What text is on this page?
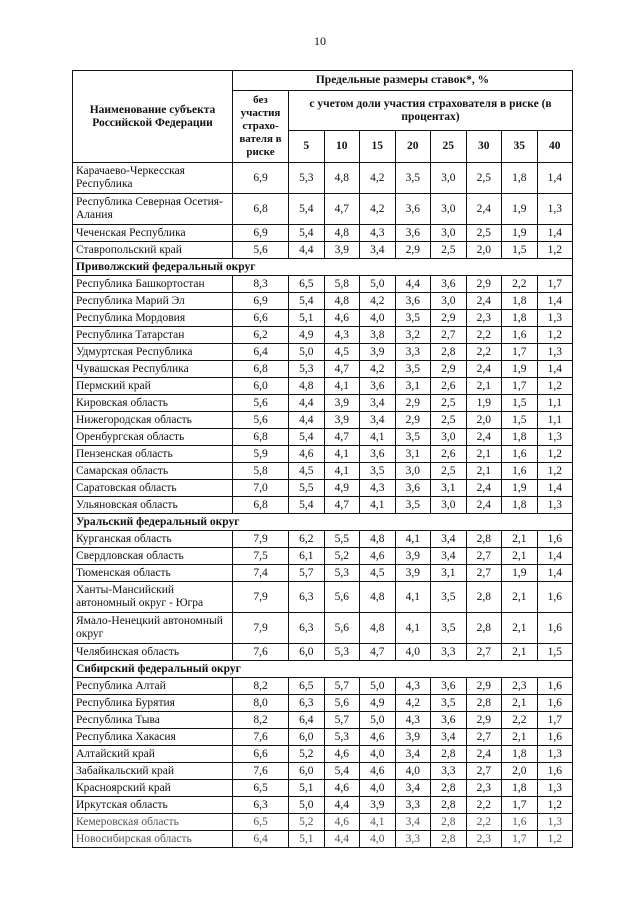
10
Наименование субъекта Российской Федерации	Предельные размеры ставок*, %								
	без участия страхо-вателя в риске	с учетом доли участия страхователя в риске (в процентах)							
		5	10	15	20	25	30	35	40
Карачаево-Черкесская Республика	6,9	5,3	4,8	4,2	3,5	3,0	2,5	1,8	1,4
Республика Северная Осетия-Алания	6,8	5,4	4,7	4,2	3,6	3,0	2,4	1,9	1,3
Чеченская Республика	6,9	5,4	4,8	4,3	3,6	3,0	2,5	1,9	1,4
Ставропольский край	5,6	4,4	3,9	3,4	2,9	2,5	2,0	1,5	1,2
Приволжский федеральный округ									
Республика Башкортостан	8,3	6,5	5,8	5,0	4,4	3,6	2,9	2,2	1,7
Республика Марий Эл	6,9	5,4	4,8	4,2	3,6	3,0	2,4	1,8	1,4
Республика Мордовия	6,6	5,1	4,6	4,0	3,5	2,9	2,3	1,8	1,3
Республика Татарстан	6,2	4,9	4,3	3,8	3,2	2,7	2,2	1,6	1,2
Удмуртская Республика	6,4	5,0	4,5	3,9	3,3	2,8	2,2	1,7	1,3
Чувашская Республика	6,8	5,3	4,7	4,2	3,5	2,9	2,4	1,9	1,4
Пермский край	6,0	4,8	4,1	3,6	3,1	2,6	2,1	1,7	1,2
Кировская область	5,6	4,4	3,9	3,4	2,9	2,5	1,9	1,5	1,1
Нижегородская область	5,6	4,4	3,9	3,4	2,9	2,5	2,0	1,5	1,1
Оренбургская область	6,8	5,4	4,7	4,1	3,5	3,0	2,4	1,8	1,3
Пензенская область	5,9	4,6	4,1	3,6	3,1	2,6	2,1	1,6	1,2
Самарская область	5,8	4,5	4,1	3,5	3,0	2,5	2,1	1,6	1,2
Саратовская область	7,0	5,5	4,9	4,3	3,6	3,1	2,4	1,9	1,4
Ульяновская область	6,8	5,4	4,7	4,1	3,5	3,0	2,4	1,8	1,3
Уральский федеральный округ									
Курганская область	7,9	6,2	5,5	4,8	4,1	3,4	2,8	2,1	1,6
Свердловская область	7,5	6,1	5,2	4,6	3,9	3,4	2,7	2,1	1,4
Тюменская область	7,4	5,7	5,3	4,5	3,9	3,1	2,7	1,9	1,4
Ханты-Мансийский автономный округ - Югра	7,9	6,3	5,6	4,8	4,1	3,5	2,8	2,1	1,6
Ямало-Ненецкий автономный округ	7,9	6,3	5,6	4,8	4,1	3,5	2,8	2,1	1,6
Челябинская область	7,6	6,0	5,3	4,7	4,0	3,3	2,7	2,1	1,5
Сибирский федеральный округ									
Республика Алтай	8,2	6,5	5,7	5,0	4,3	3,6	2,9	2,3	1,6
Республика Бурятия	8,0	6,3	5,6	4,9	4,2	3,5	2,8	2,1	1,6
Республика Тыва	8,2	6,4	5,7	5,0	4,3	3,6	2,9	2,2	1,7
Республика Хакасия	7,6	6,0	5,3	4,6	3,9	3,4	2,7	2,1	1,6
Алтайский край	6,6	5,2	4,6	4,0	3,4	2,8	2,4	1,8	1,3
Забайкальский край	7,6	6,0	5,4	4,6	4,0	3,3	2,7	2,0	1,6
Красноярский край	6,5	5,1	4,6	4,0	3,4	2,8	2,3	1,8	1,3
Иркутская область	6,3	5,0	4,4	3,9	3,3	2,8	2,2	1,7	1,2
Кемеровская область	6,5	5,2	4,6	4,1	3,4	2,8	2,2	1,6	1,3
Новосибирская область	6,4	5,1	4,4	4,0	3,3	2,8	2,3	1,7	1,2
